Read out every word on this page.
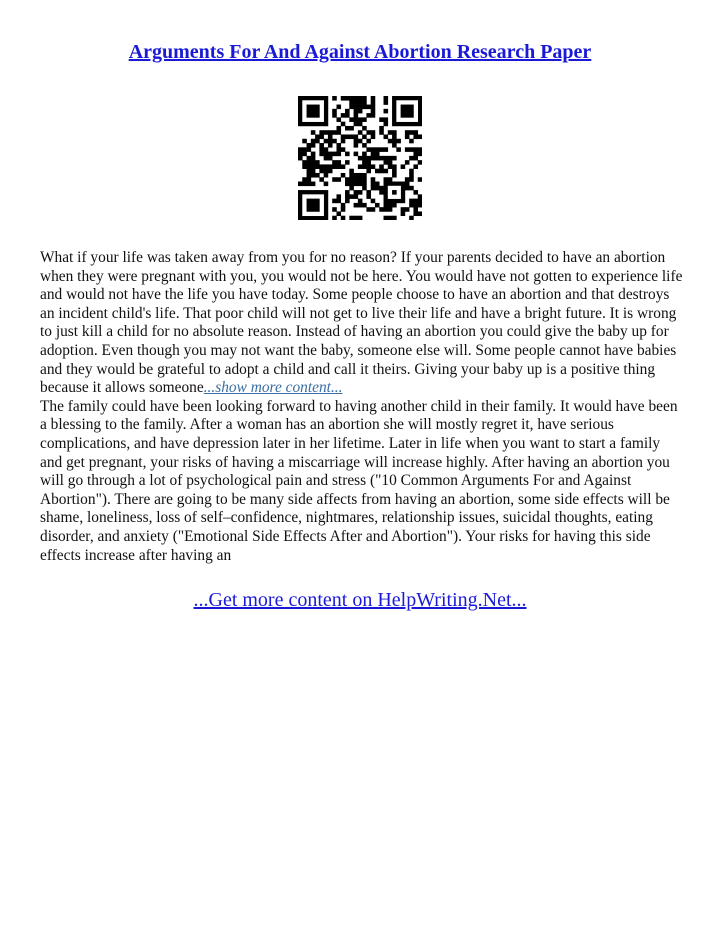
Arguments For And Against Abortion Research Paper

What if your life was taken away from you for no reason? If your parents decided to have an abortion when they were pregnant with you, you would not be here. You would have not gotten to experience life and would not have the life you have today. Some people choose to have an abortion and that destroys an incident child's life. That poor child will not get to live their life and have a bright future. It is wrong to just kill a child for no absolute reason. Instead of having an abortion you could give the baby up for adoption. Even though you may not want the baby, someone else will. Some people cannot have babies and they would be grateful to adopt a child and call it theirs. Giving your baby up is a positive thing because it allows someone...show more content...

The family could have been looking forward to having another child in their family. It would have been a blessing to the family. After a woman has an abortion she will mostly regret it, have serious complications, and have depression later in her lifetime. Later in life when you want to start a family and get pregnant, your risks of having a miscarriage will increase highly. After having an abortion you will go through a lot of psychological pain and stress ("10 Common Arguments For and Against Abortion"). There are going to be many side affects from having an abortion, some side effects will be shame, loneliness, loss of self–confidence, nightmares, relationship issues, suicidal thoughts, eating disorder, and anxiety ("Emotional Side Effects After and Abortion"). Your risks for having this side effects increase after having an

...Get more content on HelpWriting.Net...
